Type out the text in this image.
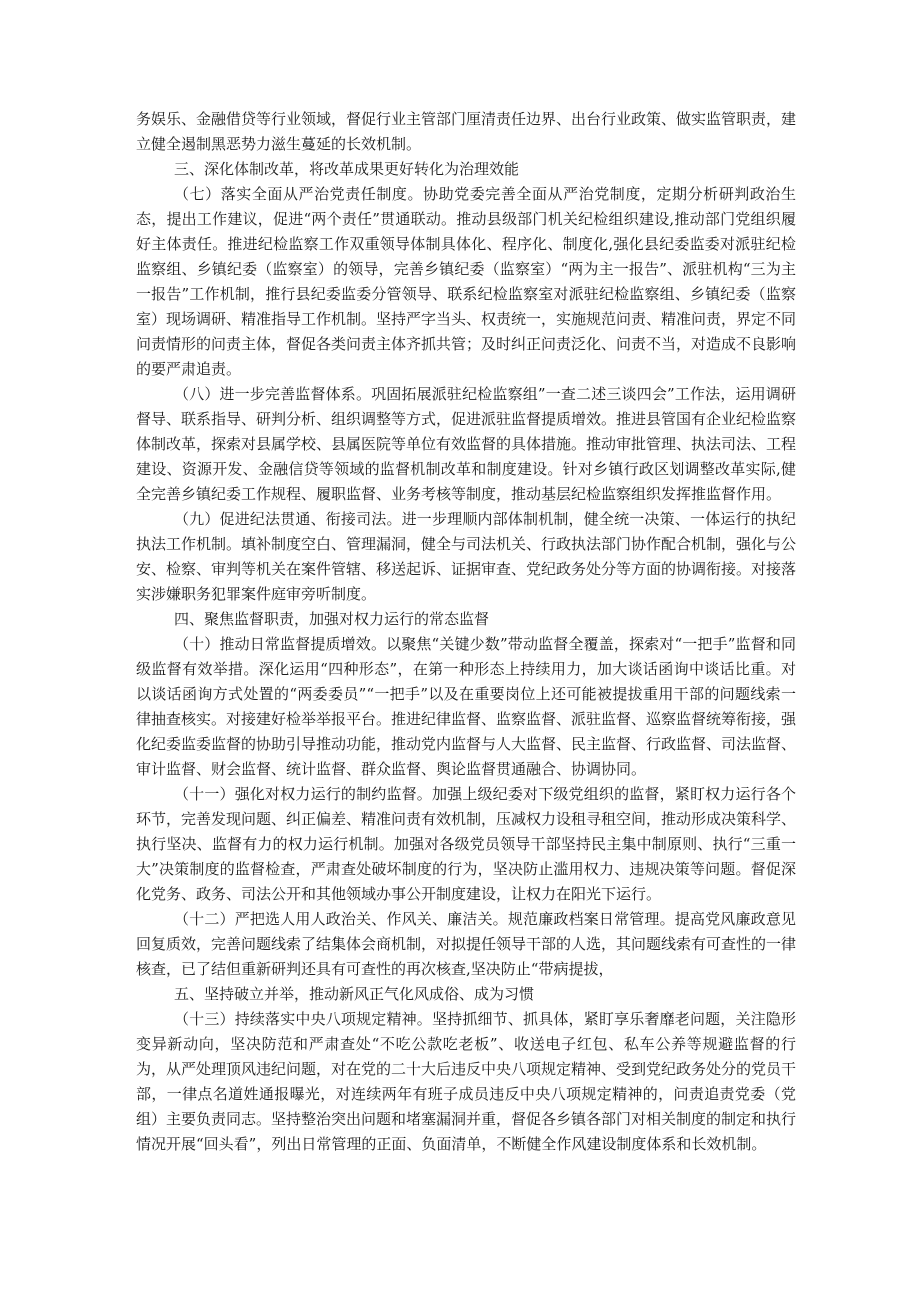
务娱乐、金融借贷等行业领域，督促行业主管部门厘清责任边界、出台行业政策、做实监管职责，建立健全遏制黑恶势力滋生蔓延的长效机制。

三、深化体制改革，将改革成果更好转化为治理效能

（七）落实全面从严治党责任制度。协助党委完善全面从严治党制度，定期分析研判政治生态，提出工作建议，促进“两个责任”贯通联动。推动县级部门机关纪检组织建设,推动部门党组织履好主体责任。推进纪检监察工作双重领导体制具体化、程序化、制度化,强化县纪委监委对派驻纪检监察组、乡镇纪委（监察室）的领导，完善乡镇纪委（监察室）“两为主一报告”、派驻机构“三为主一报告”工作机制，推行县纪委监委分管领导、联系纪检监察室对派驻纪检监察组、乡镇纪委（监察室）现场调研、精准指导工作机制。坚持严字当头、权责统一，实施规范问责、精准问责，界定不同问责情形的问责主体，督促各类问责主体齐抓共管；及时纠正问责泛化、问责不当，对造成不良影响的要严肃追责。

（八）进一步完善监督体系。巩固拓展派驻纪检监察组”一查二述三谈四会”工作法，运用调研督导、联系指导、研判分析、组织调整等方式，促进派驻监督提质增效。推进县管国有企业纪检监察体制改革，探索对县属学校、县属医院等单位有效监督的具体措施。推动审批管理、执法司法、工程建设、资源开发、金融信贷等领域的监督机制改革和制度建设。针对乡镇行政区划调整改革实际,健全完善乡镇纪委工作规程、履职监督、业务考核等制度，推动基层纪检监察组织发挥推监督作用。

（九）促进纪法贯通、衔接司法。进一步理顺内部体制机制，健全统一决策、一体运行的执纪执法工作机制。填补制度空白、管理漏洞，健全与司法机关、行政执法部门协作配合机制，强化与公安、检察、审判等机关在案件管辖、移送起诉、证据审查、党纪政务处分等方面的协调衔接。对接落实涉嫌职务犯罪案件庭审旁听制度。

四、聚焦监督职责，加强对权力运行的常态监督

（十）推动日常监督提质增效。以聚焦“关键少数”带动监督全覆盖，探索对“一把手”监督和同级监督有效举措。深化运用“四种形态”，在第一种形态上持续用力，加大谈话函询中谈话比重。对以谈话函询方式处置的“两委委员”“一把手”以及在重要岗位上还可能被提拔重用干部的问题线索一律抽查核实。对接建好检举举报平台。推进纪律监督、监察监督、派驻监督、巡察监督统筹衔接，强化纪委监委监督的协助引导推动功能，推动党内监督与人大监督、民主监督、行政监督、司法监督、审计监督、财会监督、统计监督、群众监督、舆论监督贯通融合、协调协同。

（十一）强化对权力运行的制约监督。加强上级纪委对下级党组织的监督，紧盯权力运行各个环节，完善发现问题、纠正偏差、精准问责有效机制，压减权力设租寻租空间，推动形成决策科学、执行坚决、监督有力的权力运行机制。加强对各级党员领导干部坚持民主集中制原则、执行“三重一大”决策制度的监督检查，严肃查处破坏制度的行为，坚决防止滥用权力、违规决策等问题。督促深化党务、政务、司法公开和其他领域办事公开制度建设，让权力在阳光下运行。

（十二）严把选人用人政治关、作风关、廉洁关。规范廉政档案日常管理。提高党风廉政意见回复质效，完善问题线索了结集体会商机制，对拟提任领导干部的人选，其问题线索有可查性的一律核查，已了结但重新研判还具有可查性的再次核查,坚决防止“带病提拔，

五、坚持破立并举，推动新风正气化风成俗、成为习惯

（十三）持续落实中央八项规定精神。坚持抓细节、抓具体，紧盯享乐奢靡老问题，关注隐形变异新动向，坚决防范和严肃查处“不吃公款吃老板”、收送电子红包、私车公养等规避监督的行为，从严处理顶风违纪问题，对在党的二十大后违反中央八项规定精神、受到党纪政务处分的党员干部，一律点名道姓通报曝光，对连续两年有班子成员违反中央八项规定精神的，问责追责党委（党组）主要负责同志。坚持整治突出问题和堵塞漏洞并重，督促各乡镇各部门对相关制度的制定和执行情况开展“回头看”，列出日常管理的正面、负面清单，不断健全作风建设制度体系和长效机制。
